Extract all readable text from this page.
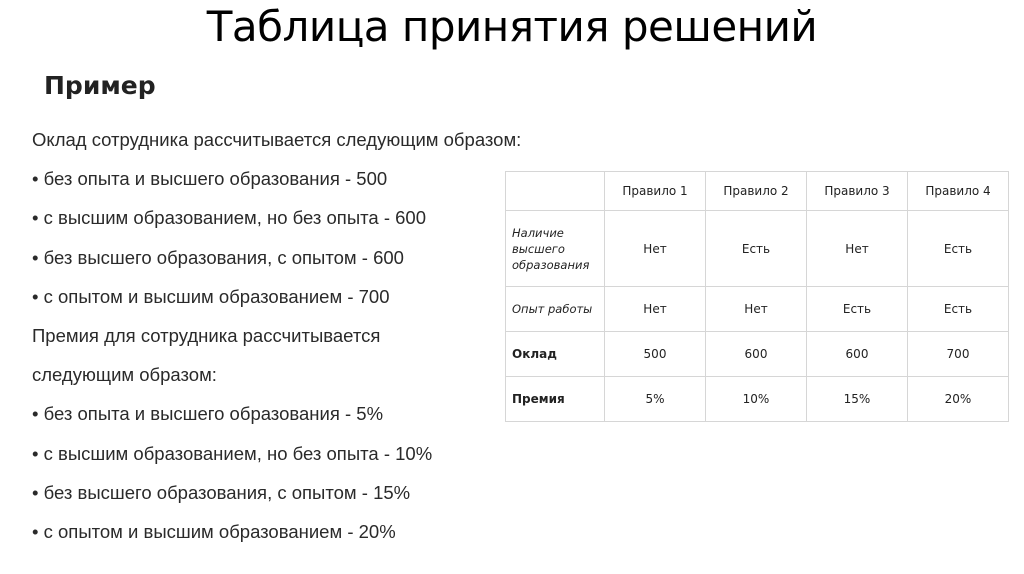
Таблица принятия решений
Пример
Оклад сотрудника рассчитывается следующим образом:
• без опыта и высшего образования - 500
• с высшим образованием, но без опыта - 600
• без высшего образования, с опытом - 600
• с опытом и высшим образованием - 700
Премия для сотрудника рассчитывается
следующим образом:
• без опыта и высшего образования - 5%
• с высшим образованием, но без опыта - 10%
• без высшего образования, с опытом - 15%
• с опытом и высшим образованием - 20%
	Правило 1	Правило 2	Правило 3	Правило 4
Наличие высшего образования	Нет	Есть	Нет	Есть
Опыт работы	Нет	Нет	Есть	Есть
Оклад	500	600	600	700
Премия	5%	10%	15%	20%
